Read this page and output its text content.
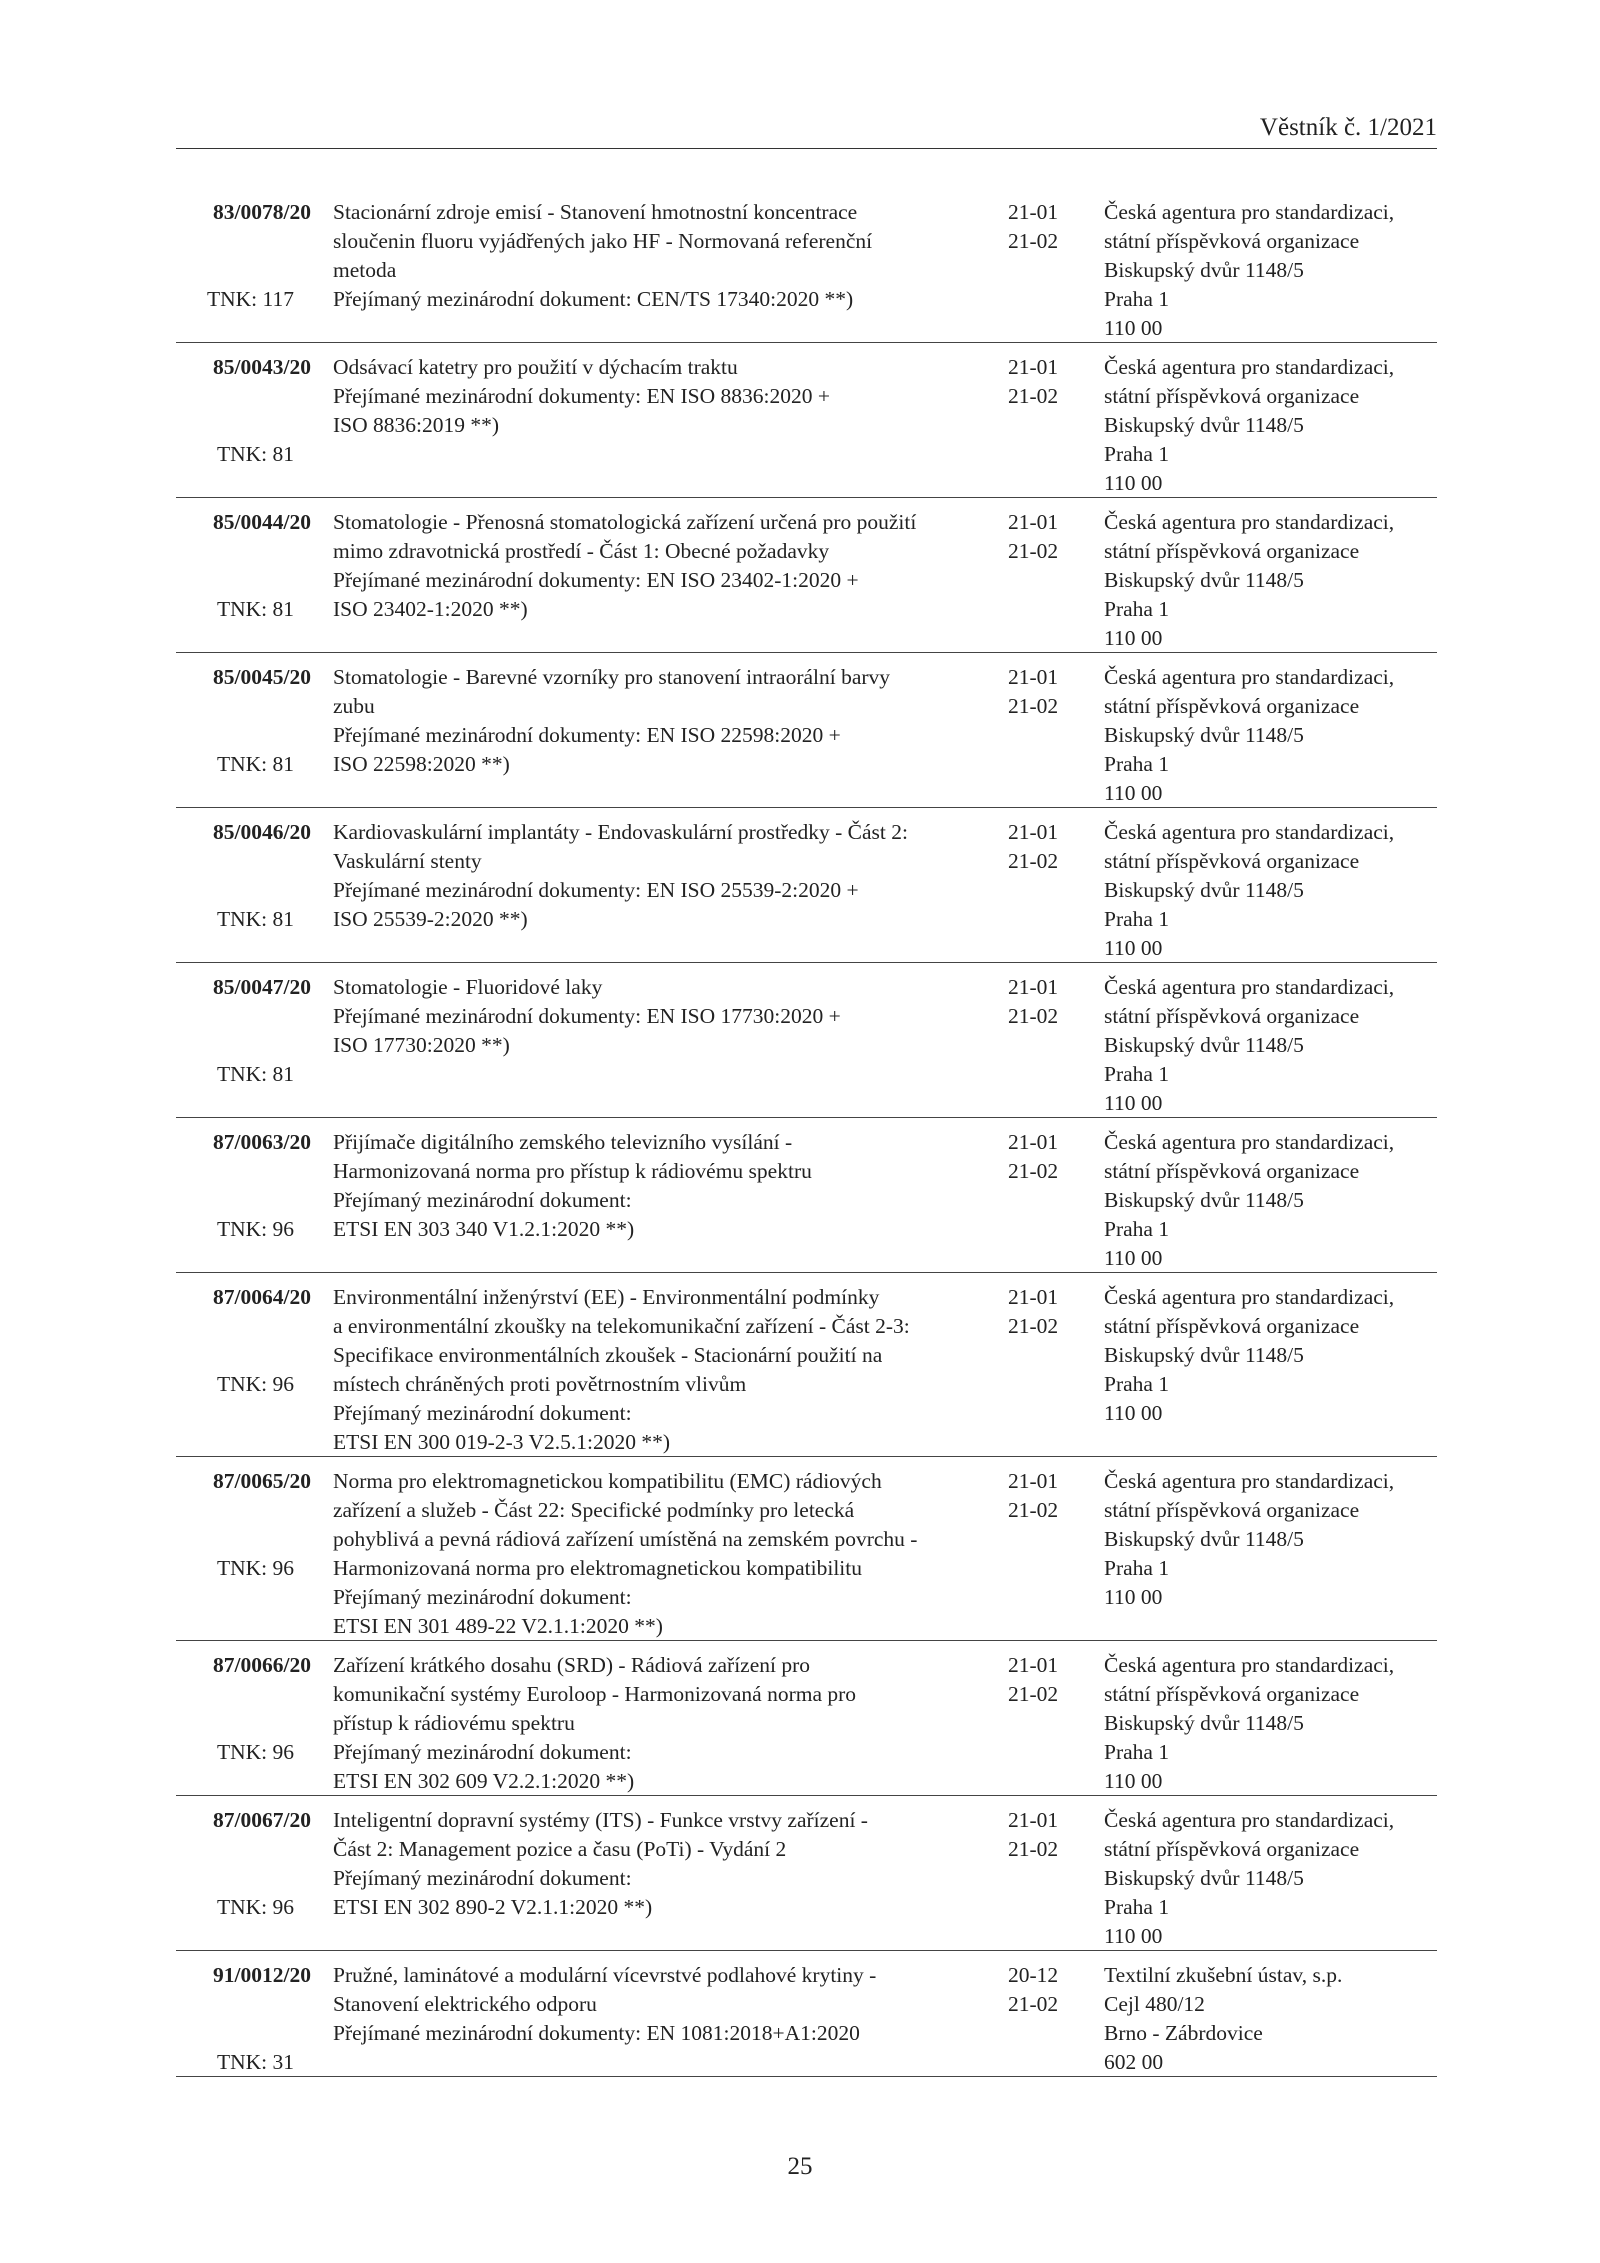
Věstník č. 1/2021
83/0078/20
TNK: 117
Stacionární zdroje emisí - Stanovení hmotnostní koncentrace
sloučenin fluoru vyjádřených jako HF - Normovaná referenční
metoda
Přejímaný mezinárodní dokument: CEN/TS 17340:2020 **)
21-01
21-02
Česká agentura pro standardizaci,
státní příspěvková organizace
Biskupský dvůr 1148/5
Praha 1
110 00
85/0043/20
TNK: 81
Odsávací katetry pro použití v dýchacím traktu
Přejímané mezinárodní dokumenty: EN ISO 8836:2020 +
ISO 8836:2019 **)
21-01
21-02
Česká agentura pro standardizaci,
státní příspěvková organizace
Biskupský dvůr 1148/5
Praha 1
110 00
85/0044/20
TNK: 81
Stomatologie - Přenosná stomatologická zařízení určená pro použití
mimo zdravotnická prostředí - Část 1: Obecné požadavky
Přejímané mezinárodní dokumenty: EN ISO 23402-1:2020 +
ISO 23402-1:2020 **)
21-01
21-02
Česká agentura pro standardizaci,
státní příspěvková organizace
Biskupský dvůr 1148/5
Praha 1
110 00
85/0045/20
TNK: 81
Stomatologie - Barevné vzorníky pro stanovení intraorální barvy
zubu
Přejímané mezinárodní dokumenty: EN ISO 22598:2020 +
ISO 22598:2020 **)
21-01
21-02
Česká agentura pro standardizaci,
státní příspěvková organizace
Biskupský dvůr 1148/5
Praha 1
110 00
85/0046/20
TNK: 81
Kardiovaskulární implantáty - Endovaskulární prostředky - Část 2:
Vaskulární stenty
Přejímané mezinárodní dokumenty: EN ISO 25539-2:2020 +
ISO 25539-2:2020 **)
21-01
21-02
Česká agentura pro standardizaci,
státní příspěvková organizace
Biskupský dvůr 1148/5
Praha 1
110 00
85/0047/20
TNK: 81
Stomatologie - Fluoridové laky
Přejímané mezinárodní dokumenty: EN ISO 17730:2020 +
ISO 17730:2020 **)
21-01
21-02
Česká agentura pro standardizaci,
státní příspěvková organizace
Biskupský dvůr 1148/5
Praha 1
110 00
87/0063/20
TNK: 96
Přijímače digitálního zemského televizního vysílání -
Harmonizovaná norma pro přístup k rádiovému spektru
Přejímaný mezinárodní dokument:
ETSI EN 303 340 V1.2.1:2020 **)
21-01
21-02
Česká agentura pro standardizaci,
státní příspěvková organizace
Biskupský dvůr 1148/5
Praha 1
110 00
87/0064/20
TNK: 96
Environmentální inženýrství (EE) - Environmentální podmínky
a environmentální zkoušky na telekomunikační zařízení - Část 2-3:
Specifikace environmentálních zkoušek - Stacionární použití na
místech chráněných proti povětrnostním vlivům
Přejímaný mezinárodní dokument:
ETSI EN 300 019-2-3 V2.5.1:2020 **)
21-01
21-02
Česká agentura pro standardizaci,
státní příspěvková organizace
Biskupský dvůr 1148/5
Praha 1
110 00
87/0065/20
TNK: 96
Norma pro elektromagnetickou kompatibilitu (EMC) rádiových
zařízení a služeb - Část 22: Specifické podmínky pro letecká
pohyblivá a pevná rádiová zařízení umístěná na zemském povrchu -
Harmonizovaná norma pro elektromagnetickou kompatibilitu
Přejímaný mezinárodní dokument:
ETSI EN 301 489-22 V2.1.1:2020 **)
21-01
21-02
Česká agentura pro standardizaci,
státní příspěvková organizace
Biskupský dvůr 1148/5
Praha 1
110 00
87/0066/20
TNK: 96
Zařízení krátkého dosahu (SRD) - Rádiová zařízení pro
komunikační systémy Euroloop - Harmonizovaná norma pro
přístup k rádiovému spektru
Přejímaný mezinárodní dokument:
ETSI EN 302 609 V2.2.1:2020 **)
21-01
21-02
Česká agentura pro standardizaci,
státní příspěvková organizace
Biskupský dvůr 1148/5
Praha 1
110 00
87/0067/20
TNK: 96
Inteligentní dopravní systémy (ITS) - Funkce vrstvy zařízení -
Část 2: Management pozice a času (PoTi) - Vydání 2
Přejímaný mezinárodní dokument:
ETSI EN 302 890-2 V2.1.1:2020 **)
21-01
21-02
Česká agentura pro standardizaci,
státní příspěvková organizace
Biskupský dvůr 1148/5
Praha 1
110 00
91/0012/20
TNK: 31
Pružné, laminátové a modulární vícevrstvé podlahové krytiny -
Stanovení elektrického odporu
Přejímané mezinárodní dokumenty: EN 1081:2018+A1:2020
20-12
21-02
Textilní zkušební ústav, s.p.
Cejl 480/12
Brno - Zábrdovice
602 00
25
